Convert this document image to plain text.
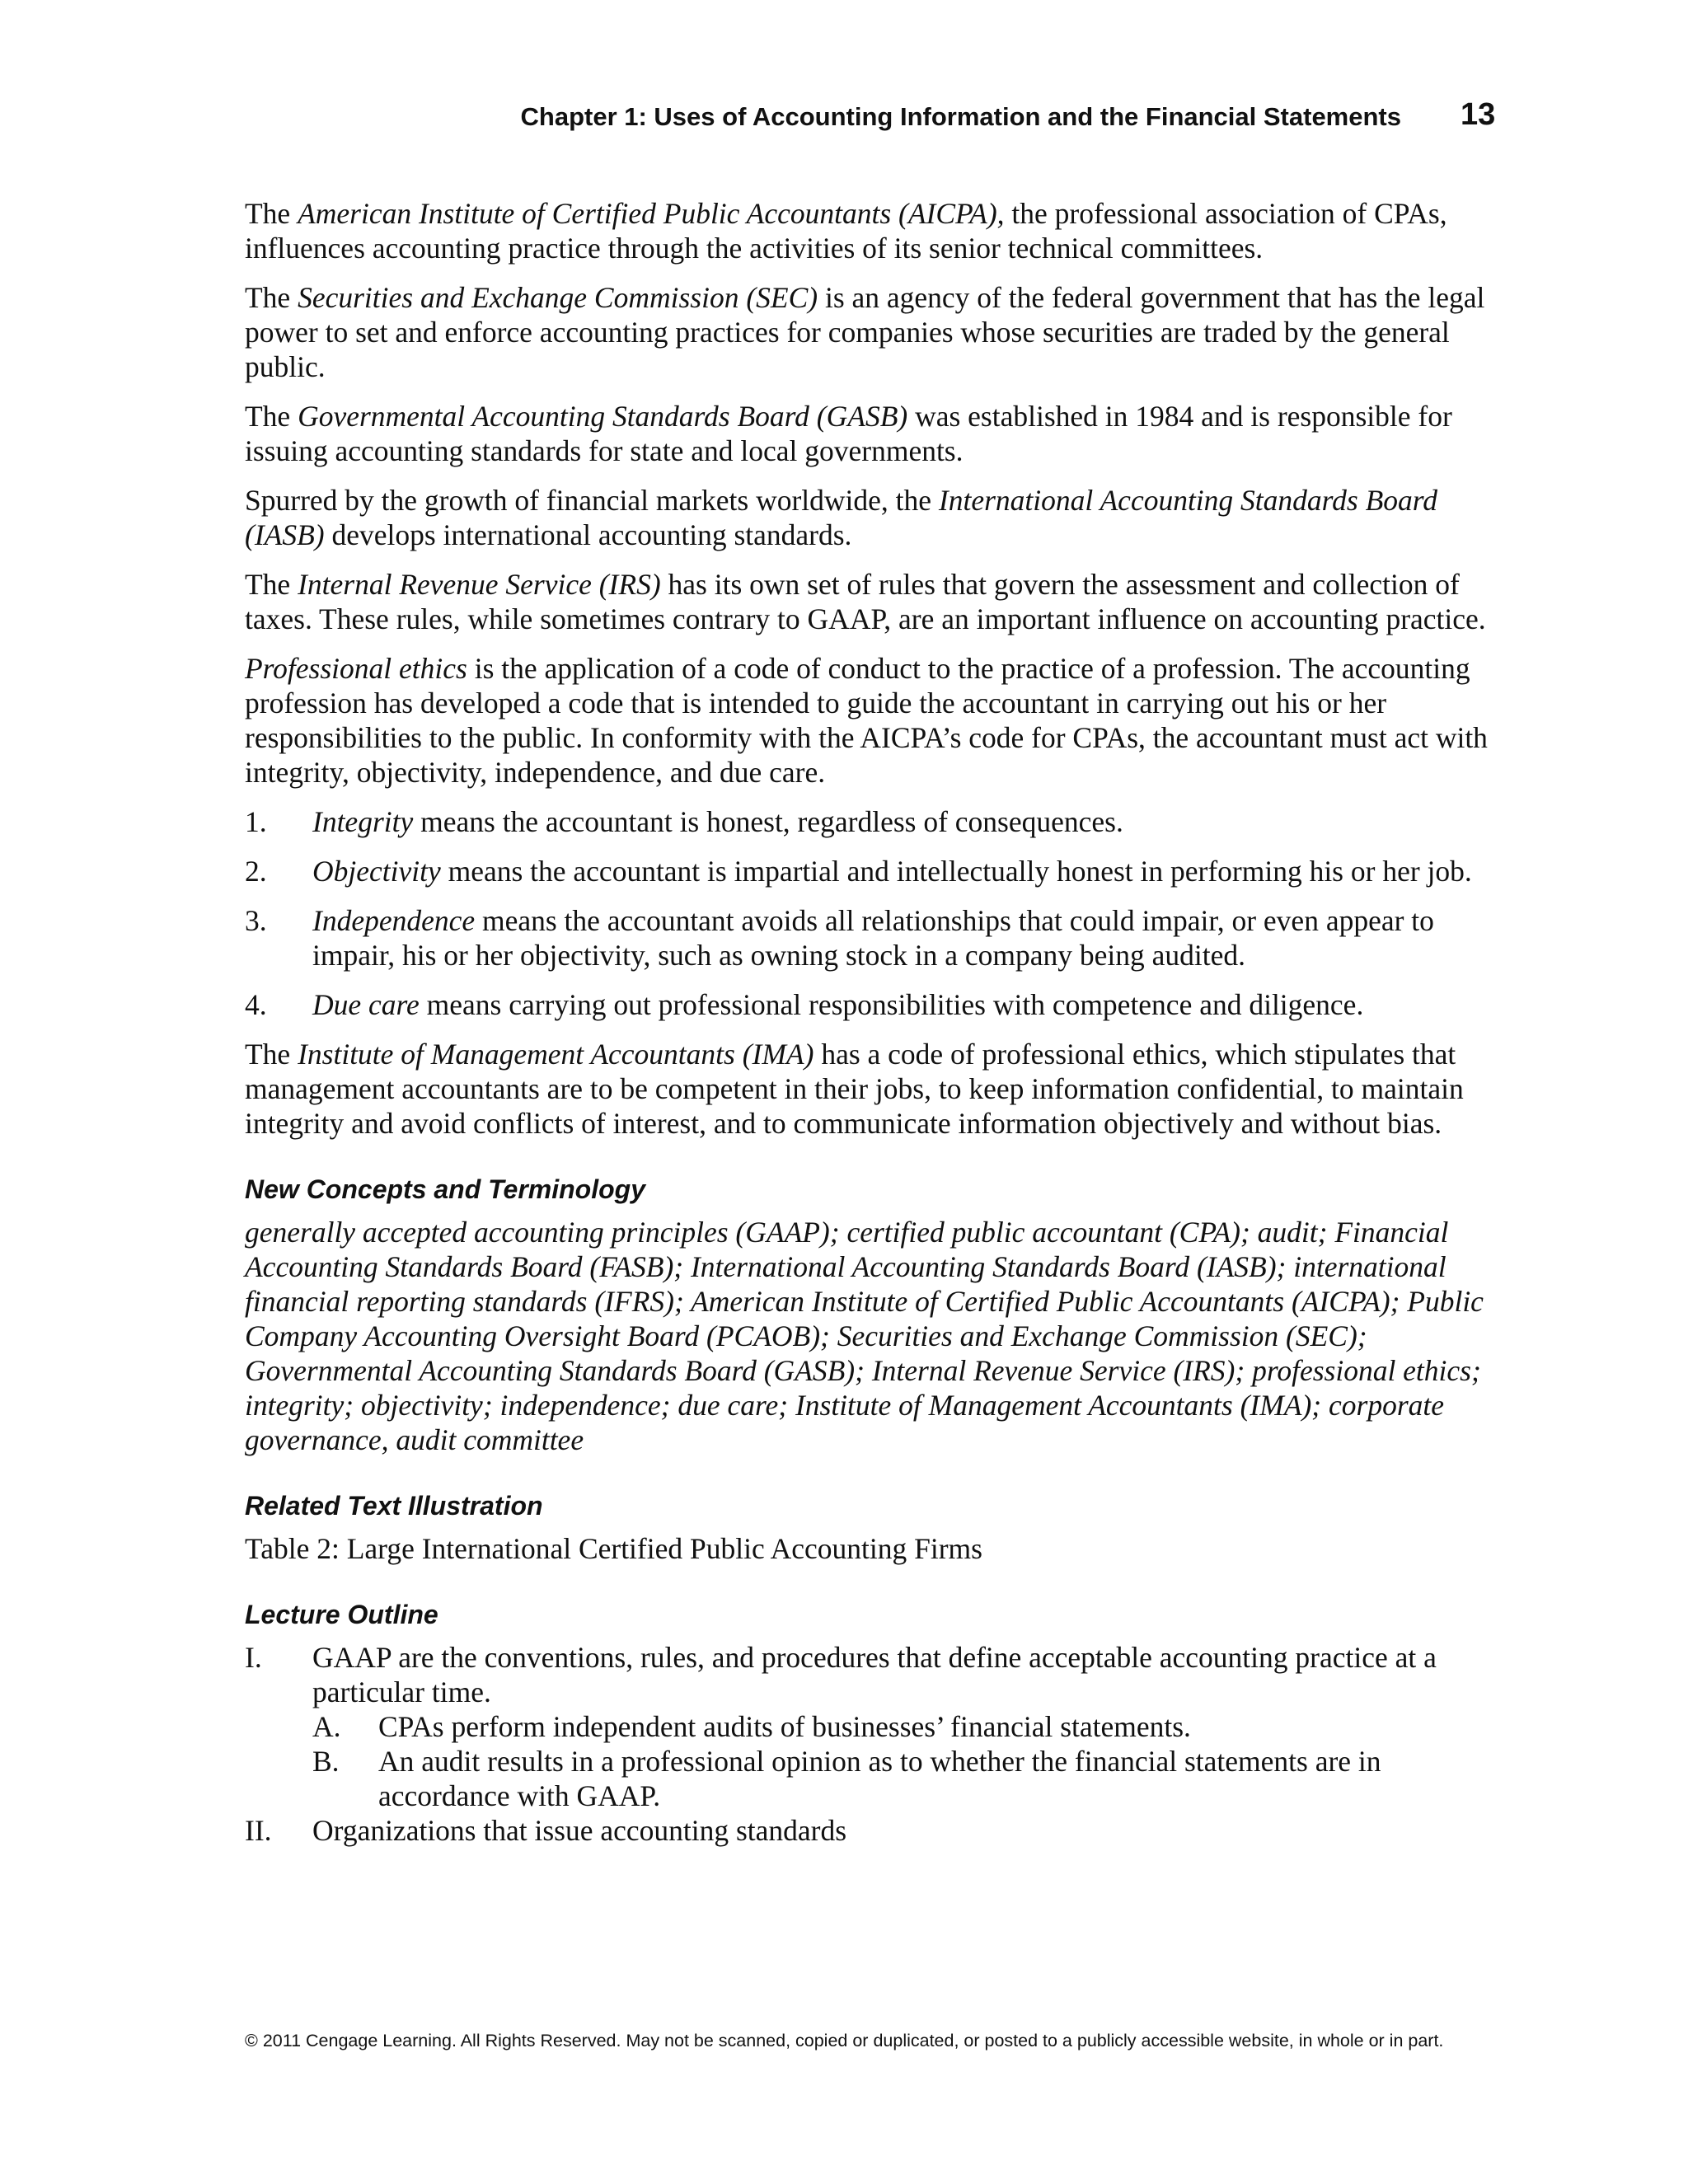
Chapter 1: Uses of Accounting Information and the Financial Statements 13

The American Institute of Certified Public Accountants (AICPA), the professional association of CPAs, influences accounting practice through the activities of its senior technical committees.

The Securities and Exchange Commission (SEC) is an agency of the federal government that has the legal power to set and enforce accounting practices for companies whose securities are traded by the general public.

The Governmental Accounting Standards Board (GASB) was established in 1984 and is responsible for issuing accounting standards for state and local governments.

Spurred by the growth of financial markets worldwide, the International Accounting Standards Board (IASB) develops international accounting standards.

The Internal Revenue Service (IRS) has its own set of rules that govern the assessment and collection of taxes. These rules, while sometimes contrary to GAAP, are an important influence on accounting practice.

Professional ethics is the application of a code of conduct to the practice of a profession. The accounting profession has developed a code that is intended to guide the accountant in carrying out his or her responsibilities to the public. In conformity with the AICPA’s code for CPAs, the accountant must act with integrity, objectivity, independence, and due care.

1. Integrity means the accountant is honest, regardless of consequences.
2. Objectivity means the accountant is impartial and intellectually honest in performing his or her job.
3. Independence means the accountant avoids all relationships that could impair, or even appear to impair, his or her objectivity, such as owning stock in a company being audited.
4. Due care means carrying out professional responsibilities with competence and diligence.

The Institute of Management Accountants (IMA) has a code of professional ethics, which stipulates that management accountants are to be competent in their jobs, to keep information confidential, to maintain integrity and avoid conflicts of interest, and to communicate information objectively and without bias.

New Concepts and Terminology

generally accepted accounting principles (GAAP); certified public accountant (CPA); audit; Financial Accounting Standards Board (FASB); International Accounting Standards Board (IASB); international financial reporting standards (IFRS); American Institute of Certified Public Accountants (AICPA); Public Company Accounting Oversight Board (PCAOB); Securities and Exchange Commission (SEC); Governmental Accounting Standards Board (GASB); Internal Revenue Service (IRS); professional ethics; integrity; objectivity; independence; due care; Institute of Management Accountants (IMA); corporate governance, audit committee

Related Text Illustration

Table 2: Large International Certified Public Accounting Firms

Lecture Outline
I. GAAP are the conventions, rules, and procedures that define acceptable accounting practice at a particular time.
A. CPAs perform independent audits of businesses’ financial statements.
B. An audit results in a professional opinion as to whether the financial statements are in accordance with GAAP.
II. Organizations that issue accounting standards
© 2011 Cengage Learning. All Rights Reserved. May not be scanned, copied or duplicated, or posted to a publicly accessible website, in whole or in part.
